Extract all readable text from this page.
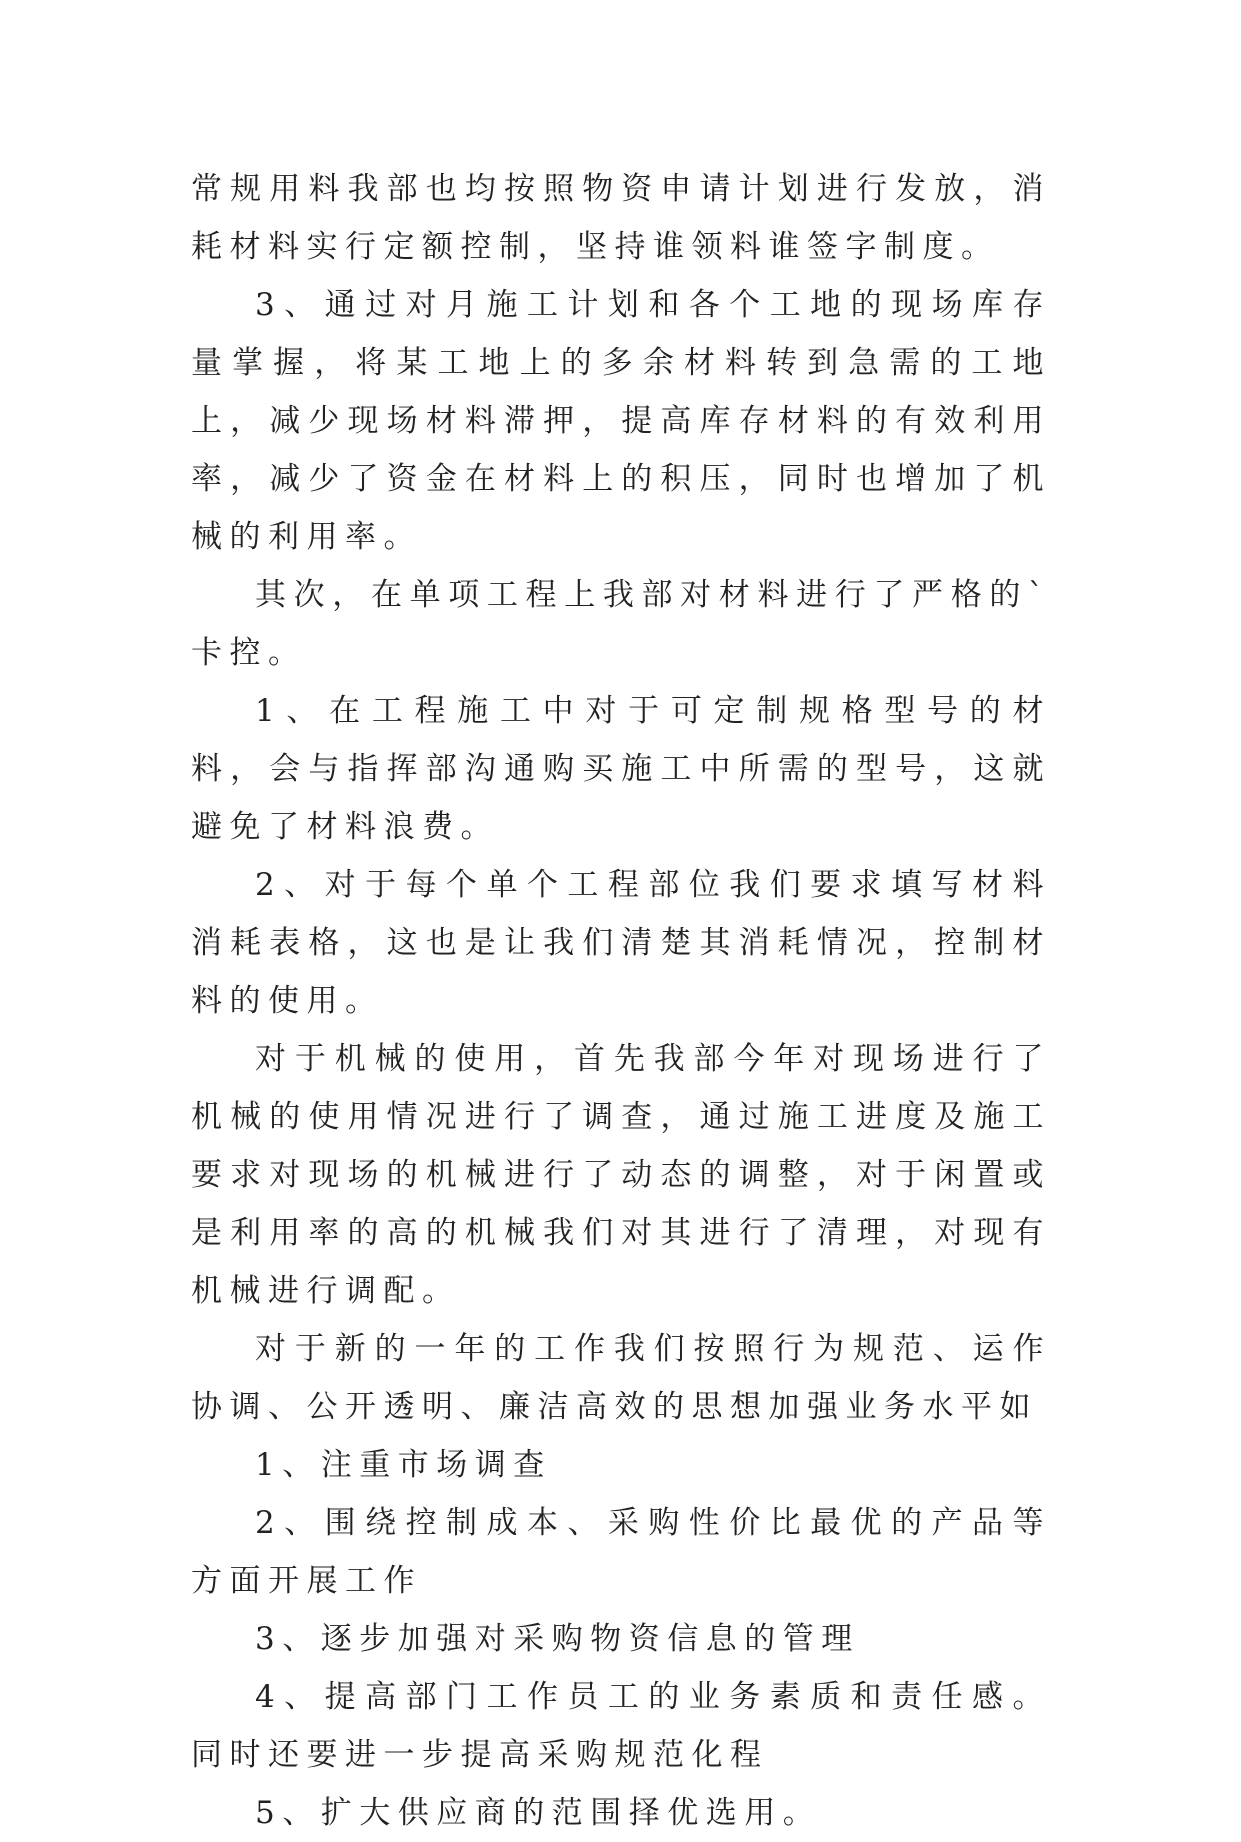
常规用料我部也均按照物资申请计划进行发放，消耗材料实行定额控制，坚持谁领料谁签字制度。

3、通过对月施工计划和各个工地的现场库存量掌握，将某工地上的多余材料转到急需的工地上，减少现场材料滞押，提高库存材料的有效利用率，减少了资金在材料上的积压，同时也增加了机械的利用率。

其次，在单项工程上我部对材料进行了严格的`卡控。

1、在工程施工中对于可定制规格型号的材料，会与指挥部沟通购买施工中所需的型号，这就避免了材料浪费。

2、对于每个单个工程部位我们要求填写材料消耗表格，这也是让我们清楚其消耗情况，控制材料的使用。

对于机械的使用，首先我部今年对现场进行了机械的使用情况进行了调查，通过施工进度及施工要求对现场的机械进行了动态的调整，对于闲置或是利用率的高的机械我们对其进行了清理，对现有机械进行调配。

对于新的一年的工作我们按照行为规范、运作协调、公开透明、廉洁高效的思想加强业务水平如

1、注重市场调查

2、围绕控制成本、采购性价比最优的产品等方面开展工作

3、逐步加强对采购物资信息的管理

4、提高部门工作员工的业务素质和责任感。同时还要进一步提高采购规范化程

5、扩大供应商的范围择优选用。
